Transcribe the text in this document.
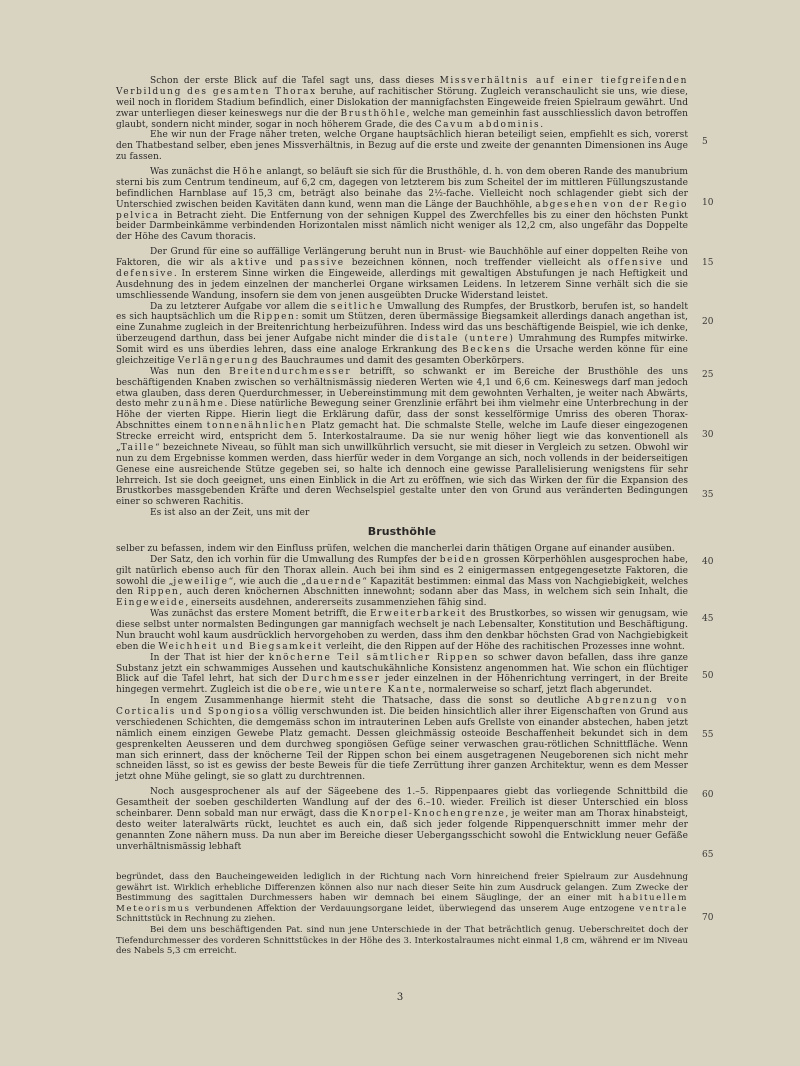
Schon der erste Blick auf die Tafel sagt uns, dass dieses Missverhältnis auf einer tiefgreifenden Verbildung des gesamten Thorax beruhe, auf rachitischer Störung. Zugleich veranschaulicht sie uns, wie diese, weil noch in floridem Stadium befindlich, einer Dislokation der mannigfachsten Eingeweide freien Spielraum gewährt. Und zwar unterliegen dieser keineswegs nur die der Brusthöhle, welche man gemeinhin fast ausschliesslich davon betroffen glaubt, sondern nicht minder, sogar in noch höherem Grade, die des Cavum abdominis.

Ehe wir nun der Frage näher treten, welche Organe hauptsächlich hieran beteiligt seien, empfiehlt es sich, vorerst den Thatbestand selber, eben jenes Missverhältnis, in Bezug auf die erste und zweite der genannten Dimensionen ins Auge zu fassen.

Was zunächst die Höhe anlangt, so beläuft sie sich für die Brusthöhle, d. h. von dem oberen Rande des manubrium sterni bis zum Centrum tendineum, auf 6,2 cm, dagegen von letzterem bis zum Scheitel der im mittleren Füllungszustande befindlichen Harnblase auf 15,3 cm, beträgt also beinahe das 2½-fache. Vielleicht noch schlagender giebt sich der Unterschied zwischen beiden Kavitäten dann kund, wenn man die Länge der Bauchhöhle, abgesehen von der Regio pelvica in Betracht zieht. Die Entfernung von der sehnigen Kuppel des Zwerchfelles bis zu einer den höchsten Punkt beider Darmbeinkämme verbindenden Horizontalen misst nämlich nicht weniger als 12,2 cm, also ungefähr das Doppelte der Höhe des Cavum thoracis.

Der Grund für eine so auffällige Verlängerung beruht nun in Brust- wie Bauchhöhle auf einer doppelten Reihe von Faktoren, die wir als aktive und passive bezeichnen können, noch treffender vielleicht als offensive und defensive. In ersterem Sinne wirken die Eingeweide, allerdings mit gewaltigen Abstufungen je nach Heftigkeit und Ausdehnung des in jedem einzelnen der mancherlei Organe wirksamen Leidens. In letzerem Sinne verhält sich die sie umschliessende Wandung, insofern sie dem von jenen ausgeübten Drucke Widerstand leistet.

Da zu letzterer Aufgabe vor allem die seitliche Umwallung des Rumpfes, der Brustkorb, berufen ist, so handelt es sich hauptsächlich um die Rippen: somit um Stützen, deren übermässige Biegsamkeit allerdings danach angethan ist, eine Zunahme zugleich in der Breitenrichtung herbeizuführen. Indess wird das uns beschäftigende Beispiel, wie ich denke, überzeugend darthun, dass bei jener Aufgabe nicht minder die distale (untere) Umrahmung des Rumpfes mitwirke. Somit wird es uns überdies lehren, dass eine analoge Erkrankung des Beckens die Ursache werden könne für eine gleichzeitige Verlängerung des Bauchraumes und damit des gesamten Oberkörpers.

Was nun den Breitendurchmesser betrifft, so schwankt er im Bereiche der Brusthöhle des uns beschäftigenden Knaben zwischen so verhältnismässig niederen Werten wie 4,1 und 6,6 cm. Keineswegs darf man jedoch etwa glauben, dass deren Querdurchmesser, in Uebereinstimmung mit dem gewohnten Verhalten, je weiter nach Abwärts, desto mehr zunähme. Diese natürliche Bewegung seiner Grenzlinie erfährt bei ihm vielmehr eine Unterbrechung in der Höhe der vierten Rippe. Hierin liegt die Erklärung dafür, dass der sonst kesselförmige Umriss des oberen Thorax-Abschnittes einem tonnenähnlichen Platz gemacht hat. Die schmalste Stelle, welche im Laufe dieser eingezogenen Strecke erreicht wird, entspricht dem 5. Interkostalraume. Da sie nur wenig höher liegt wie das konventionell als „Taille“ bezeichnete Niveau, so fühlt man sich unwillkührlich versucht, sie mit dieser in Vergleich zu setzen. Obwohl wir nun zu dem Ergebnisse kommen werden, dass hierfür weder in dem Vorgange an sich, noch vollends in der beiderseitigen Genese eine ausreichende Stütze gegeben sei, so halte ich dennoch eine gewisse Parallelisierung wenigstens für sehr lehrreich. Ist sie doch geeignet, uns einen Einblick in die Art zu eröffnen, wie sich das Wirken der für die Expansion des Brustkorbes massgebenden Kräfte und deren Wechselspiel gestalte unter den von Grund aus veränderten Bedingungen einer so schweren Rachitis.

Es ist also an der Zeit, uns mit der

Brusthöhle

selber zu befassen, indem wir den Einfluss prüfen, welchen die mancherlei darin thätigen Organe auf einander ausüben.

Der Satz, den ich vorhin für die Umwallung des Rumpfes der beiden grossen Körperhöhlen ausgesprochen habe, gilt natürlich ebenso auch für den Thorax allein. Auch bei ihm sind es 2 einigermassen entgegengesetzte Faktoren, die sowohl die „jeweilige“, wie auch die „dauernde“ Kapazität bestimmen: einmal das Mass von Nachgiebigkeit, welches den Rippen, auch deren knöchernen Abschnitten innewohnt; sodann aber das Mass, in welchem sich sein Inhalt, die Eingeweide, einerseits ausdehnen, andererseits zusammenziehen fähig sind.

Was zunächst das erstere Moment betrifft, die Erweiterbarkeit des Brustkorbes, so wissen wir genugsam, wie diese selbst unter normalsten Bedingungen gar mannigfach wechselt je nach Lebensalter, Konstitution und Beschäftigung. Nun braucht wohl kaum ausdrücklich hervorgehoben zu werden, dass ihm den denkbar höchsten Grad von Nachgiebigkeit eben die Weichheit und Biegsamkeit verleiht, die den Rippen auf der Höhe des rachitischen Prozesses inne wohnt.

In der That ist hier der knöcherne Teil sämtlicher Rippen so schwer davon befallen, dass ihre ganze Substanz jetzt ein schwammiges Aussehen und kautschukähnliche Konsistenz angenommen hat. Wie schon ein flüchtiger Blick auf die Tafel lehrt, hat sich der Durchmesser jeder einzelnen in der Höhenrichtung verringert, in der Breite hingegen vermehrt. Zugleich ist die obere, wie untere Kante, normalerweise so scharf, jetzt flach abgerundet.

In engem Zusammenhange hiermit steht die Thatsache, dass die sonst so deutliche Abgrenzung von Corticalis und Spongiosa völlig verschwunden ist. Die beiden hinsichtlich aller ihrer Eigenschaften von Grund aus verschiedenen Schichten, die demgemäss schon im intrauterinen Leben aufs Grellste von einander abstechen, haben jetzt nämlich einem einzigen Gewebe Platz gemacht. Dessen gleichmässig osteoide Beschaffenheit bekundet sich in dem gesprenkelten Aeusseren und dem durchweg spongiösen Gefüge seiner verwaschen grau-rötlichen Schnittfläche. Wenn man sich erinnert, dass der knöcherne Teil der Rippen schon bei einem ausgetragenen Neugeborenen sich nicht mehr schneiden lässt, so ist es gewiss der beste Beweis für die tiefe Zerrüttung ihrer ganzen Architektur, wenn es dem Messer jetzt ohne Mühe gelingt, sie so glatt zu durchtrennen.

Noch ausgesprochener als auf der Sägeebene des 1.–5. Rippenpaares giebt das vorliegende Schnittbild die Gesamtheit der soeben geschilderten Wandlung auf der des 6.–10. wieder. Freilich ist dieser Unterschied ein bloss scheinbarer. Denn sobald man nur erwägt, dass die Knorpel-Knochengrenze, je weiter man am Thorax hinabsteigt, desto weiter lateralwärts rückt, leuchtet es auch ein, daß sich jeder folgende Rippenquerschnitt immer mehr der genannten Zone nähern muss. Da nun aber im Bereiche dieser Uebergangsschicht sowohl die Entwicklung neuer Gefäße unverhältnismässig lebhaft

begründet, dass den Baucheingeweiden lediglich in der Richtung nach Vorn hinreichend freier Spielraum zur Ausdehnung gewährt ist. Wirklich erhebliche Differenzen können also nur nach dieser Seite hin zum Ausdruck gelangen. Zum Zwecke der Bestimmung des sagittalen Durchmessers haben wir demnach bei einem Säuglinge, der an einer mit habituellem Meteorismus verbundenen Affektion der Verdauungsorgane leidet, überwiegend das unserem Auge entzogene ventrale Schnittstück in Rechnung zu ziehen.

Bei dem uns beschäftigenden Pat. sind nun jene Unterschiede in der That beträchtlich genug. Ueberschreitet doch der Tiefendurchmesser des vorderen Schnittstückes in der Höhe des 3. Interkostalraumes nicht einmal 1,8 cm, während er im Niveau des Nabels 5,3 cm erreicht.

5
10
15
20
25
30
35
40
45
50
55
60
65
70
3
